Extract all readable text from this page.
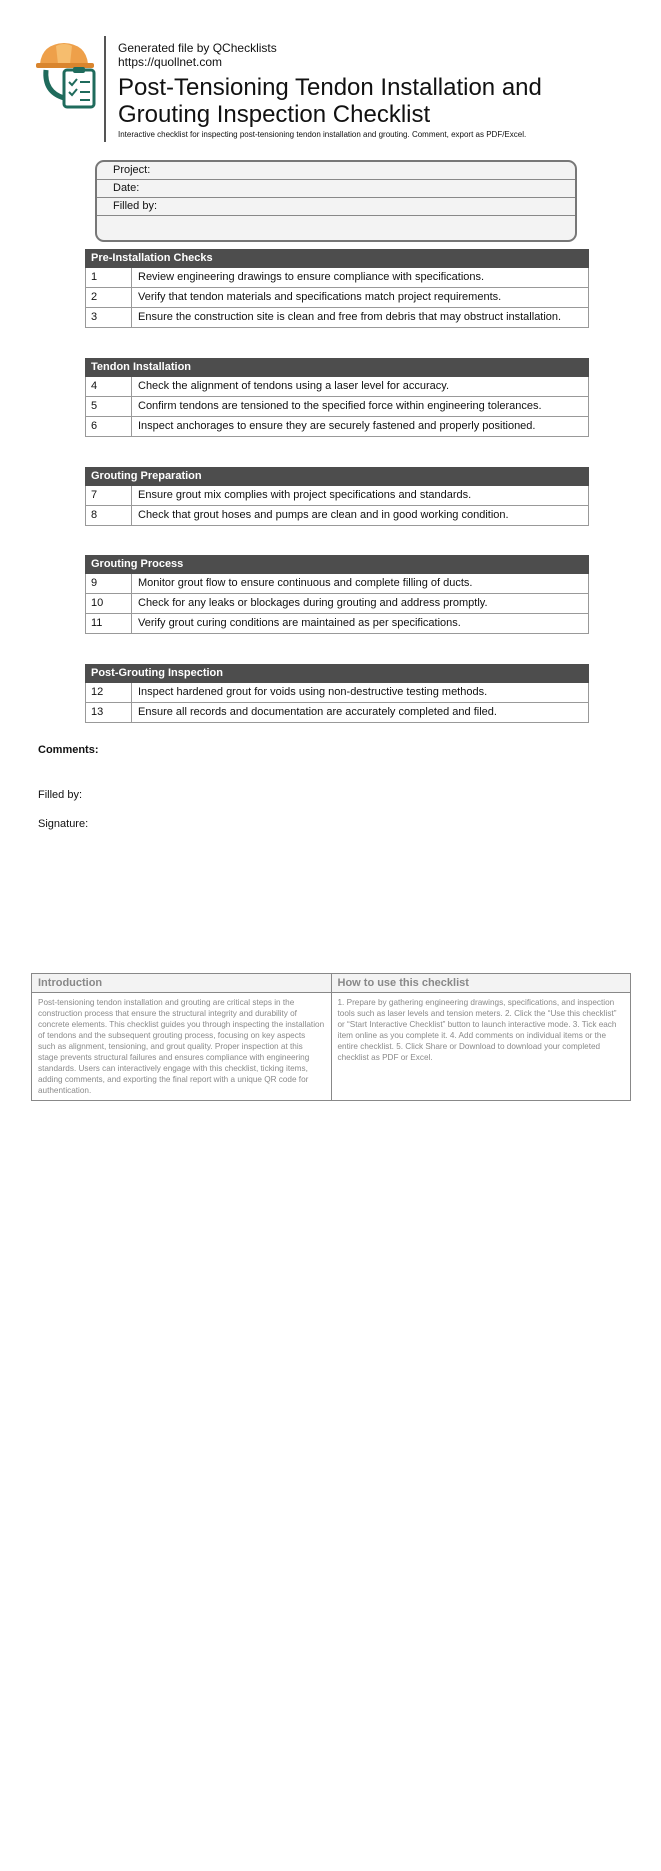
Generated file by QChecklists
https://quollnet.com
Post-Tensioning Tendon Installation and Grouting Inspection Checklist
Interactive checklist for inspecting post-tensioning tendon installation and grouting. Comment, export as PDF/Excel.
Project:
Date:
Filled by:
Pre-Installation Checks
1	Review engineering drawings to ensure compliance with specifications.
2	Verify that tendon materials and specifications match project requirements.
3	Ensure the construction site is clean and free from debris that may obstruct installation.
Tendon Installation
4	Check the alignment of tendons using a laser level for accuracy.
5	Confirm tendons are tensioned to the specified force within engineering tolerances.
6	Inspect anchorages to ensure they are securely fastened and properly positioned.
Grouting Preparation
7	Ensure grout mix complies with project specifications and standards.
8	Check that grout hoses and pumps are clean and in good working condition.
Grouting Process
9	Monitor grout flow to ensure continuous and complete filling of ducts.
10	Check for any leaks or blockages during grouting and address promptly.
11	Verify grout curing conditions are maintained as per specifications.
Post-Grouting Inspection
12	Inspect hardened grout for voids using non-destructive testing methods.
13	Ensure all records and documentation are accurately completed and filed.
Comments:
Filled by:
Signature:
Introduction
Post-tensioning tendon installation and grouting are critical steps in the construction process that ensure the structural integrity and durability of concrete elements. This checklist guides you through inspecting the installation of tendons and the subsequent grouting process, focusing on key aspects such as alignment, tensioning, and grout quality. Proper inspection at this stage prevents structural failures and ensures compliance with engineering standards. Users can interactively engage with this checklist, ticking items, adding comments, and exporting the final report with a unique QR code for authentication.
How to use this checklist
1. Prepare by gathering engineering drawings, specifications, and inspection tools such as laser levels and tension meters. 2. Click the “Use this checklist” or “Start Interactive Checklist” button to launch interactive mode. 3. Tick each item online as you complete it. 4. Add comments on individual items or the entire checklist. 5. Click Share or Download to download your completed checklist as PDF or Excel.
